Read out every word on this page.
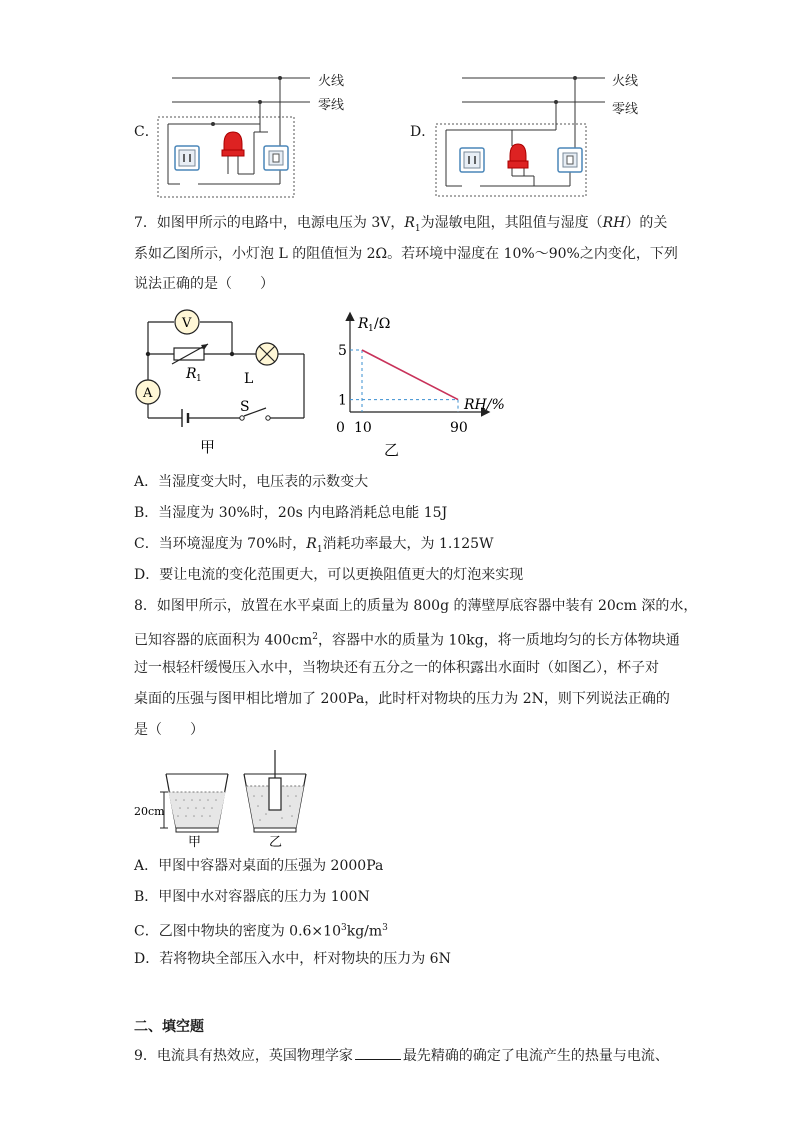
C．
火线
零线
D．
火线
零线
7．如图甲所示的电路中，电源电压为 3V，$R_1$为湿敏电阻，其阻值与湿度（RH）的关
系如乙图所示，小灯泡 L 的阻值恒为 2Ω。若环境中湿度在 10%～90%之内变化，下列
说法正确的是（　　）
V
A
R 1	L
S
甲
5
1
10	90
R 1 /Ω
RH/%
0
乙
A．当湿度变大时，电压表的示数变大
B．当湿度为 30%时，20s 内电路消耗总电能 15J
C．当环境湿度为 70%时，$R_1$消耗功率最大，为 1.125W
D．要让电流的变化范围更大，可以更换阻值更大的灯泡来实现
8．如图甲所示，放置在水平桌面上的质量为 800g 的薄壁厚底容器中装有 20cm 深的水，
已知容器的底面积为 $400cm^2$，容器中水的质量为 10kg，将一质地均匀的长方体物块通
过一根轻杆缓慢压入水中，当物块还有五分之一的体积露出水面时（如图乙），杯子对
桌面的压强与图甲相比增加了 200Pa，此时杆对物块的压力为 2N，则下列说法正确的
是（　　）
20cm
甲	乙
A．甲图中容器对桌面的压强为 2000Pa
B．甲图中水对容器底的压力为 100N
C．乙图中物块的密度为 $0.6\times 10^3kg/m^3$
D．若将物块全部压入水中，杆对物块的压力为 6N
二、填空题
9．电流具有热效应，英国物理学家	最先精确的确定了电流产生的热量与电流、
